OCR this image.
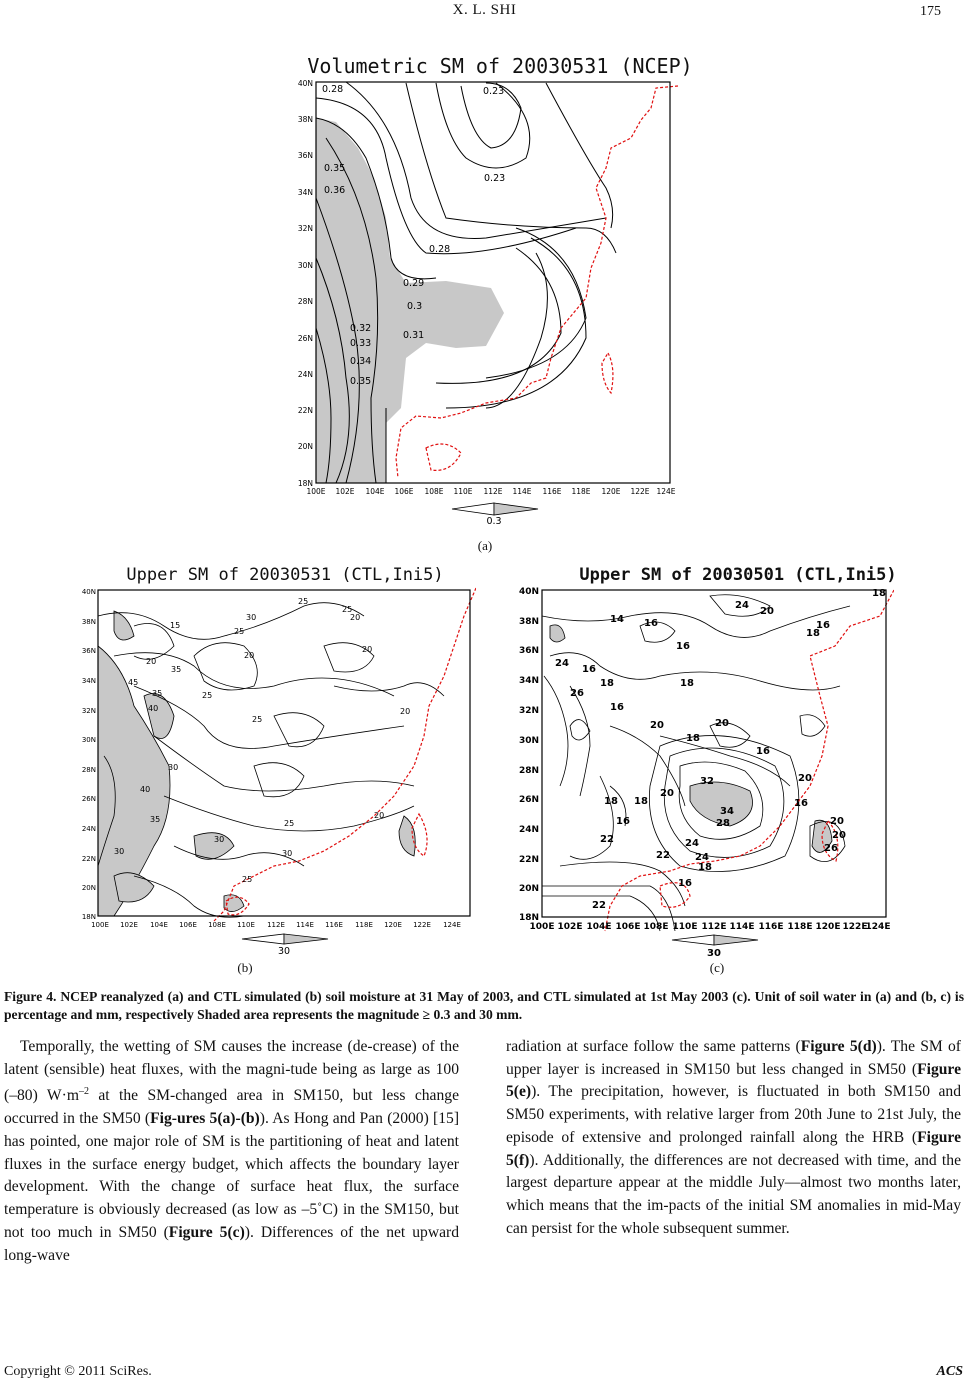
X. L. SHI	175
Volumetric SM of 20030531 (NCEP)
0.28	0.23
0.23
0.35
0.36
0.28
0.29
0.3
0.32
0.31
0.33
0.34
0.35
40N
38N
36N
34N
32N
30N
28N
26N
24N
22N
20N
18N
100E 102E 104E 106E 108E 110E 112E 114E 116E 118E 120E 122E 124E
0.3
(a)
Upper SM of 20030531 (CTL,Ini5)
25
25
15
30	20
25
35
20
20
45
40
35	25
25
20
30
40
35
30
25
30	30
20
25
20
40N
38N
36N
34N
32N
30N
28N
26N
24N
22N
20N
18N
100E 102E 104E 106E 108E 110E 112E 114E 116E 118E 120E 122E 124E
30
(b)
Upper SM of 20030501 (CTL,Ini5)
18
24
20
14 16	16
16
18
16
18	18
24
16
20
26
20
18
16
20
18
32
16
18
20
34
28
16	20
22	24
22	24
18
16
20
26
22
40N
38N
36N
34N
32N
30N
28N
26N
24N
22N
20N
18N
100E 102E 104E 106E 108E 110E 112E 114E 116E 118E 120E 122E
124E
30
(c)
Figure 4. NCEP reanalyzed (a) and CTL simulated (b) soil moisture at 31 May of 2003, and CTL simulated at 1st May 2003 (c). Unit of soil water in (a) and (b, c) is percentage and mm, respectively Shaded area represents the magnitude ≥ 0.3 and 30 mm.

Temporally, the wetting of SM causes the increase (de-crease) of the latent (sensible) heat fluxes, with the magni-tude being as large as 100 (–80) $W\cdot m^{-2}$ at the SM-changed area in SM150, but less change occurred in the SM50 (Fig-ures 5(a)-(b)). As Hong and Pan (2000) [15] has pointed, one major role of SM is the partitioning of heat and latent fluxes in the surface energy budget, which affects the boundary layer development. With the change of surface heat flux, the surface temperature is obviously decreased (as low as –5˚C) in the SM150, but not too much in SM50 (Figure 5(c)). Differences of the net upward long-wave

radiation at surface follow the same patterns (Figure 5(d)). The SM of upper layer is increased in SM150 but less changed in SM50 (Figure 5(e)). The precipitation, however, is fluctuated in both SM150 and SM50 experiments, with relative larger from 20th June to 21st July, the episode of extensive and prolonged rainfall along the HRB (Figure 5(f)). Additionally, the differences are not decreased with time, and the largest departure appear at the middle July—almost two months later, which means that the im-pacts of the initial SM anomalies in mid-May can persist for the whole subsequent summer.

Copyright © 2011 SciRes.	ACS
